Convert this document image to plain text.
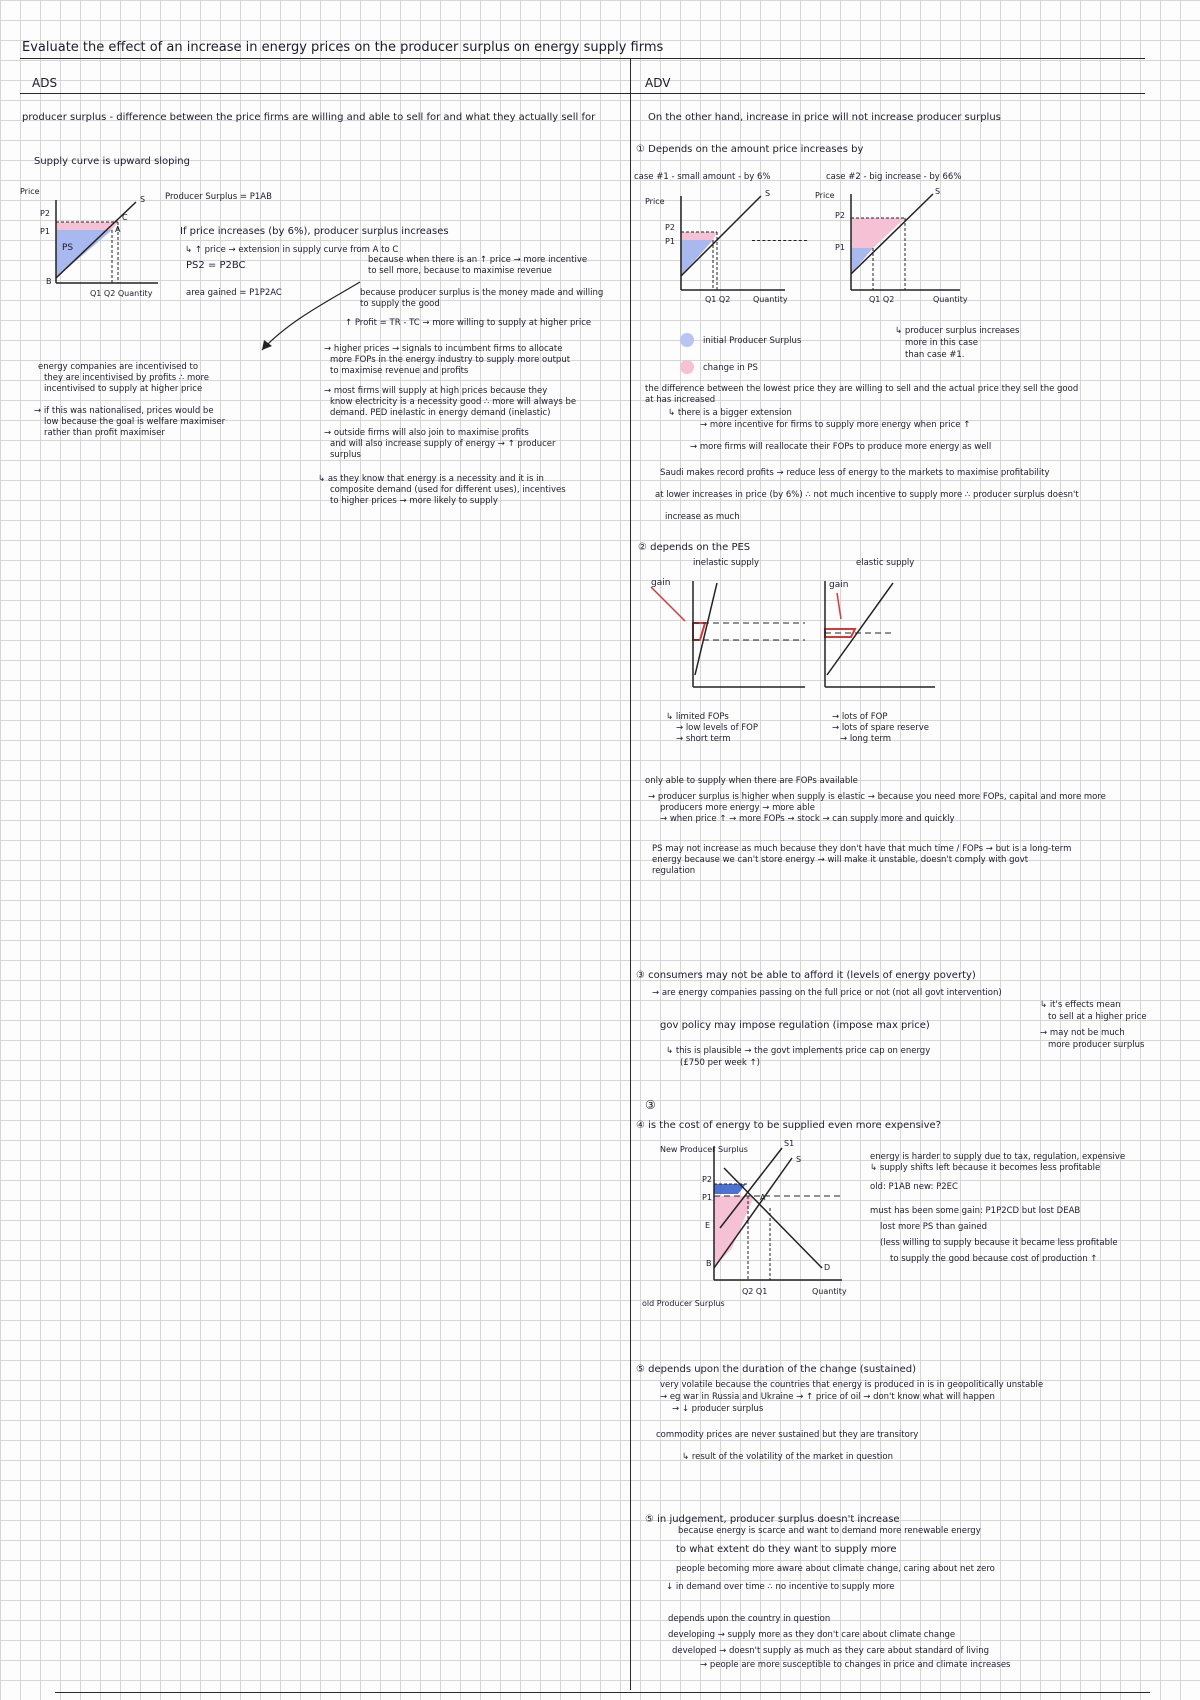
Evaluate the effect of an increase in energy prices on the producer surplus on energy supply firms
ADS	ADV
producer surplus - difference between the price firms are willing and able to sell for and what they actually sell for
Supply curve is upward sloping
Price
P2
P1
PS
A
B
C
S
Q1 Q2 Quantity
Producer Surplus = P1AB
If price increases (by 6%), producer surplus increases
↳ ↑ price → extension in supply curve from A to C
PS2 = P2BC
area gained = P1P2AC
because when there is an ↑ price → more incentive
to sell more, because to maximise revenue
because producer surplus is the money made and willing
to supply the good
↑ Profit = TR - TC → more willing to supply at higher price
→ higher prices → signals to incumbent firms to allocate
more FOPs in the energy industry to supply more output
to maximise revenue and profits
→ most firms will supply at high prices because they
know electricity is a necessity good ∴ more will always be
demand. PED inelastic in energy demand (inelastic)
→ outside firms will also join to maximise profits
and will also increase supply of energy → ↑ producer
surplus
↳ as they know that energy is a necessity and it is in
composite demand (used for different uses), incentives
to higher prices → more likely to supply
energy companies are incentivised to
they are incentivised by profits ∴ more
incentivised to supply at higher price
→ if this was nationalised, prices would be
low because the goal is welfare maximiser
rather than profit maximiser
On the other hand, increase in price will not increase producer surplus
① Depends on the amount price increases by
case #1 - small amount - by 6%	case #2 - big increase - by 66%
Price
S
P2
P1
Q1 Q2	Quantity
Price	S
P2
P1
Q1 Q2	Quantity
initial Producer Surplus
change in PS
↳ producer surplus increases
more in this case
than case #1.
the difference between the lowest price they are willing to sell and the actual price they sell the good
at has increased
↳ there is a bigger extension
→ more incentive for firms to supply more energy when price ↑
→ more firms will reallocate their FOPs to produce more energy as well
Saudi makes record profits → reduce less of energy to the markets to maximise profitability
at lower increases in price (by 6%) ∴ not much incentive to supply more ∴ producer surplus doesn't
increase as much
② depends on the PES
inelastic supply	elastic supply
gain	gain
↳ limited FOPs
→ low levels of FOP
→ short term
→ lots of FOP
→ lots of spare reserve
→ long term
only able to supply when there are FOPs available
→ producer surplus is higher when supply is elastic → because you need more FOPs, capital and more more
producers more energy → more able
→ when price ↑ → more FOPs → stock → can supply more and quickly
PS may not increase as much because they don't have that much time / FOPs → but is a long-term
energy because we can't store energy → will make it unstable, doesn't comply with govt
regulation
③ consumers may not be able to afford it (levels of energy poverty)
→ are energy companies passing on the full price or not (not all govt intervention)
gov policy may impose regulation (impose max price)
↳ this is plausible → the govt implements price cap on energy
(£750 per week ↑)
↳ it's effects mean
to sell at a higher price
→ may not be much
more producer surplus
③
④ is the cost of energy to be supplied even more expensive?
New Producer Surplus
old Producer Surplus
P2
P1
E
B
A
S1
S
D
Q2 Q1	Quantity
energy is harder to supply due to tax, regulation, expensive
↳ supply shifts left because it becomes less profitable
old: P1AB new: P2EC
must has been some gain: P1P2CD but lost DEAB
lost more PS than gained
(less willing to supply because it became less profitable
to supply the good because cost of production ↑
⑤ depends upon the duration of the change (sustained)
very volatile because the countries that energy is produced in is in geopolitically unstable
→ eg war in Russia and Ukraine → ↑ price of oil → don't know what will happen
→ ↓ producer surplus
commodity prices are never sustained but they are transitory
↳ result of the volatility of the market in question
⑤ in judgement, producer surplus doesn't increase
because energy is scarce and want to demand more renewable energy
to what extent do they want to supply more
people becoming more aware about climate change, caring about net zero
↓ in demand over time ∴ no incentive to supply more
depends upon the country in question
developing → supply more as they don't care about climate change
developed → doesn't supply as much as they care about standard of living
→ people are more susceptible to changes in price and climate increases
